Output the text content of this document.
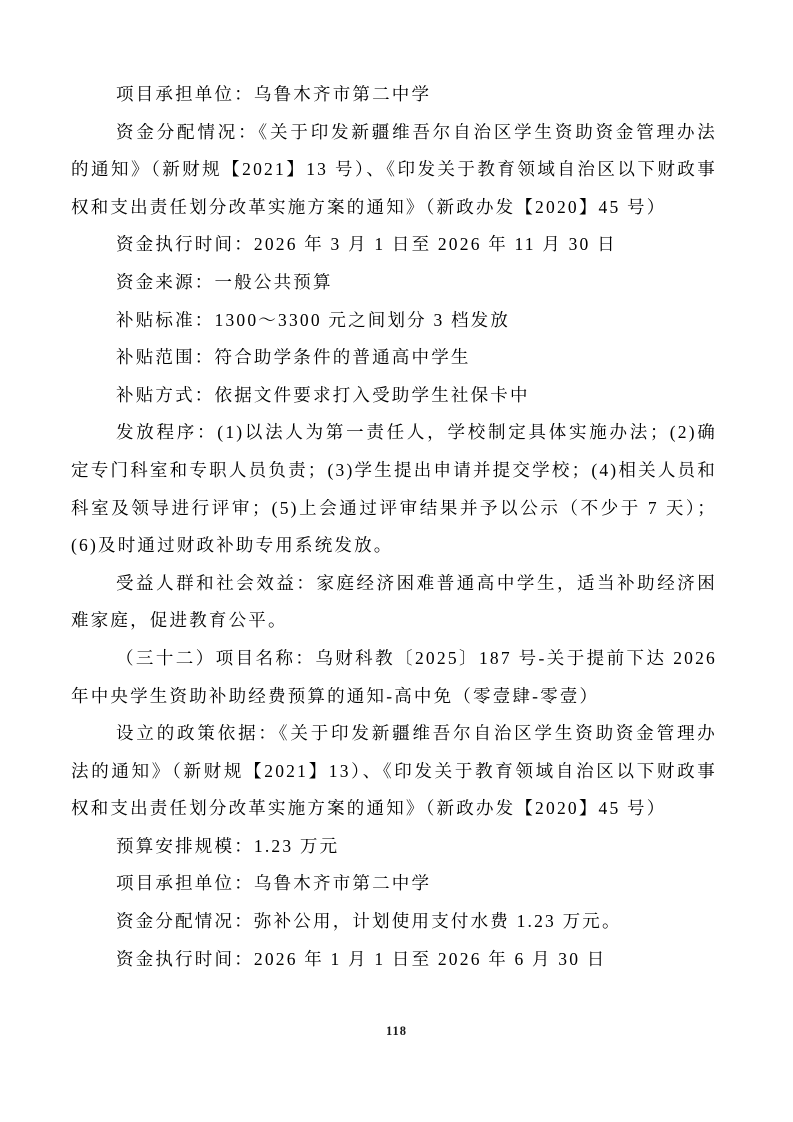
项目承担单位：乌鲁木齐市第二中学

资金分配情况：《关于印发新疆维吾尔自治区学生资助资金管理办法的通知》（新财规【2021】13 号）、《印发关于教育领域自治区以下财政事权和支出责任划分改革实施方案的通知》（新政办发【2020】45 号）

资金执行时间：2026 年 3 月 1 日至 2026 年 11 月 30 日

资金来源：一般公共预算

补贴标准：1300～3300 元之间划分 3 档发放

补贴范围：符合助学条件的普通高中学生

补贴方式：依据文件要求打入受助学生社保卡中

发放程序：(1)以法人为第一责任人，学校制定具体实施办法；(2)确定专门科室和专职人员负责；(3)学生提出申请并提交学校；(4)相关人员和科室及领导进行评审；(5)上会通过评审结果并予以公示（不少于 7 天）；(6)及时通过财政补助专用系统发放。

受益人群和社会效益：家庭经济困难普通高中学生，适当补助经济困难家庭，促进教育公平。

（三十二）项目名称：乌财科教〔2025〕187 号-关于提前下达 2026 年中央学生资助补助经费预算的通知-高中免（零壹肆-零壹）

设立的政策依据：《关于印发新疆维吾尔自治区学生资助资金管理办法的通知》（新财规【2021】13）、《印发关于教育领域自治区以下财政事权和支出责任划分改革实施方案的通知》（新政办发【2020】45 号）

预算安排规模：1.23 万元

项目承担单位：乌鲁木齐市第二中学

资金分配情况：弥补公用，计划使用支付水费 1.23 万元。

资金执行时间：2026 年 1 月 1 日至 2026 年 6 月 30 日

118
